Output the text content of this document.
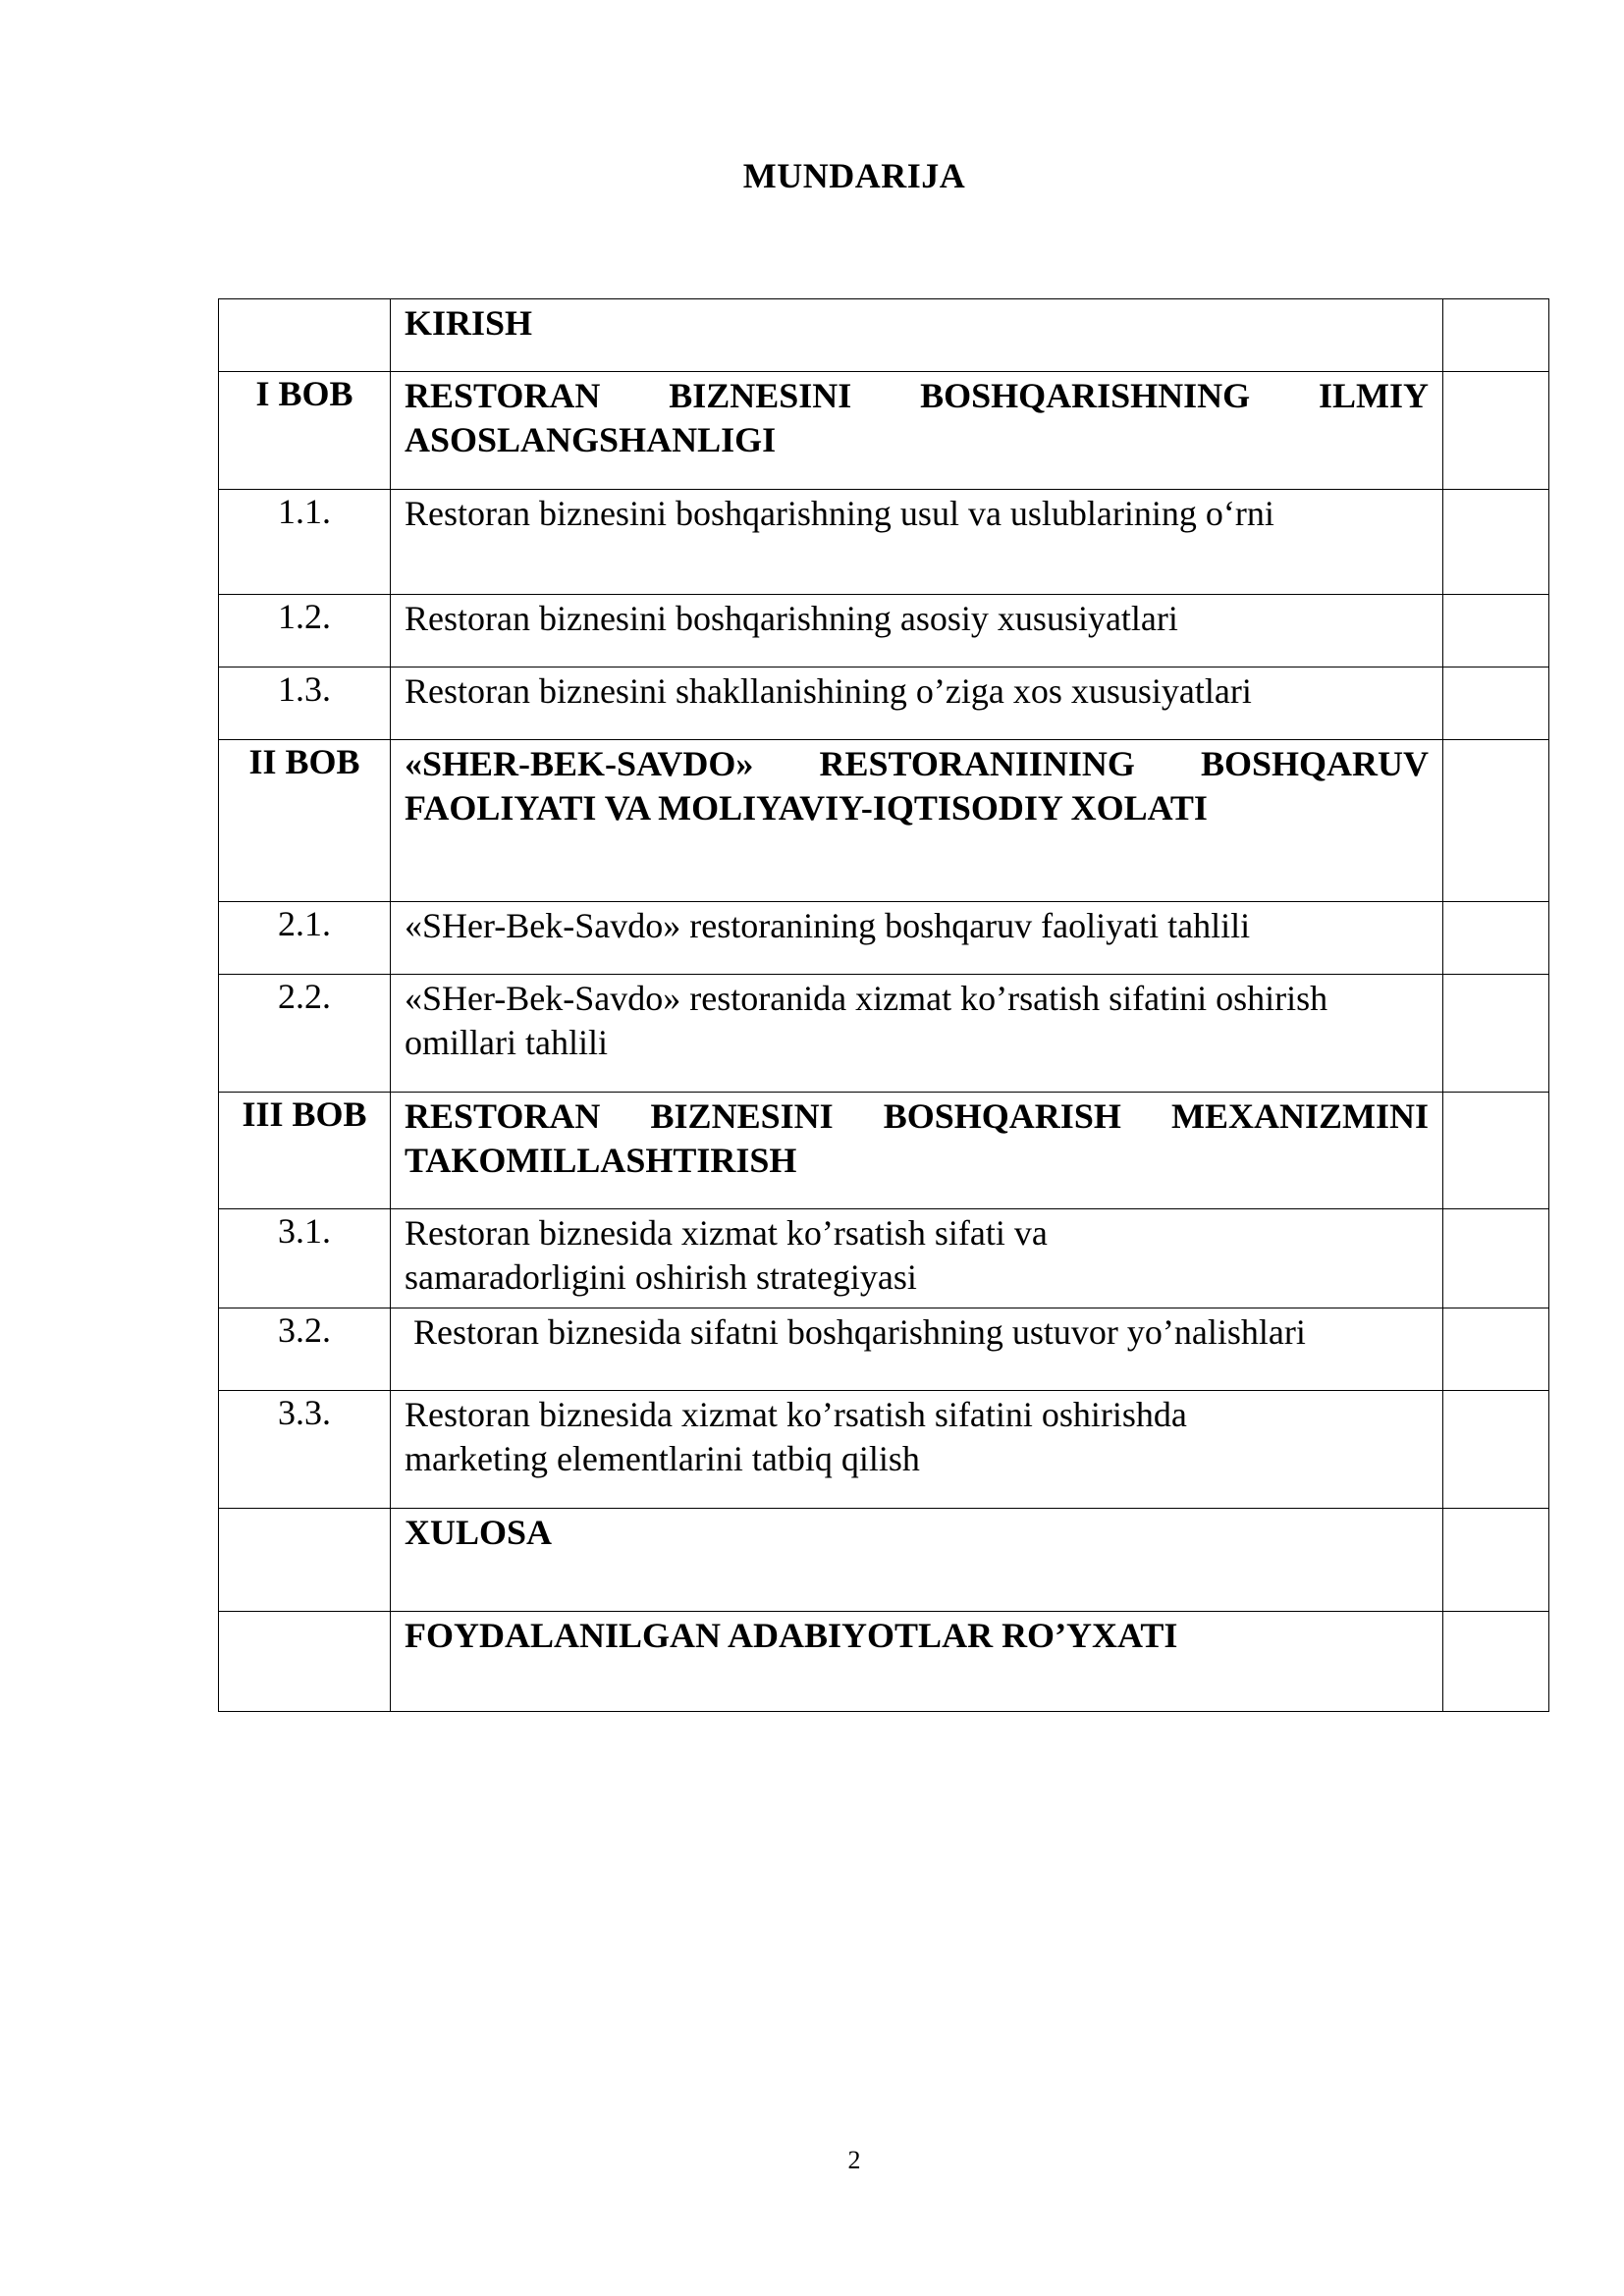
MUNDARIJA
	KIRISH	
I BOB	RESTORAN BIZNESINI BOSHQARISHNING ILMIY ASOSLANGSHANLIGI	
1.1.	Restoran biznesini boshqarishning usul va uslublarining o‘rni	
1.2.	Restoran biznesini boshqarishning asosiy xususiyatlari	
1.3.	Restoran biznesini shakllanishining o’ziga xos xususiyatlari	
II BOB	«SHER-BEK-SAVDO» RESTORANIINING BOSHQARUV FAOLIYATI VA MOLIYAVIY-IQTISODIY XOLATI	
2.1.	«SHer-Bek-Savdo» restoranining boshqaruv faoliyati tahlili	
2.2.	«SHer-Bek-Savdo» restoranida xizmat ko’rsatish sifatini oshirish omillari tahlili	
III BOB	RESTORAN BIZNESINI BOSHQARISH MEXANIZMINI TAKOMILLASHTIRISH	
3.1.	Restoran biznesida xizmat ko’rsatish sifati va samaradorligini oshirish strategiyasi	
3.2.	Restoran biznesida sifatni boshqarishning ustuvor yo’nalishlari	
3.3.	Restoran biznesida xizmat ko’rsatish sifatini oshirishda marketing elementlarini tatbiq qilish	
	XULOSA	
	FOYDALANILGAN ADABIYOTLAR RO’YXATI	
2
